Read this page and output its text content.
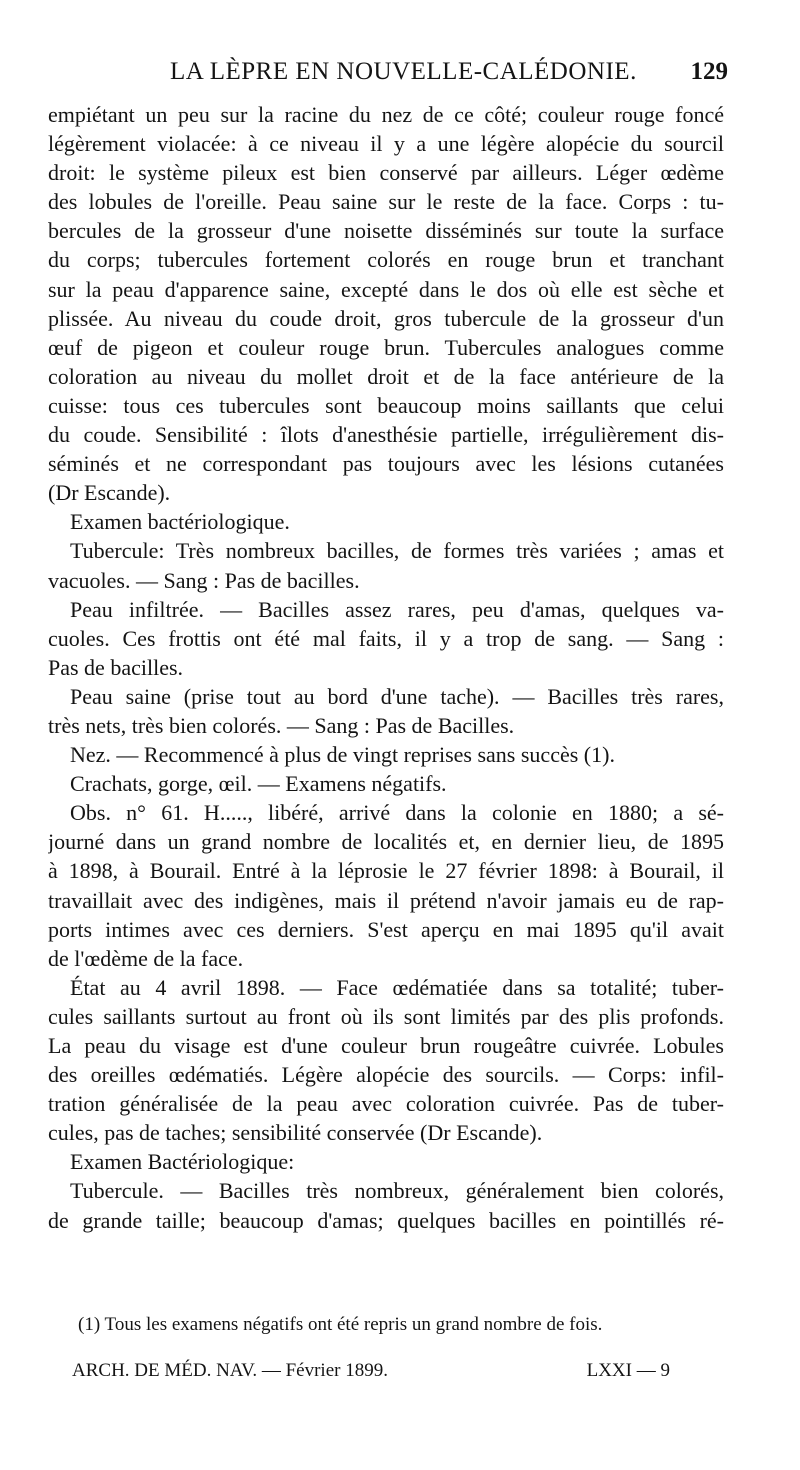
LA LÈPRE EN NOUVELLE-CALÉDONIE. 129
empiétant un peu sur la racine du nez de ce côté; couleur rouge foncé
légèrement violacée: à ce niveau il y a une légère alopécie du sourcil
droit: le système pileux est bien conservé par ailleurs. Léger œdème
des lobules de l'oreille. Peau saine sur le reste de la face. Corps : tu-
bercules de la grosseur d'une noisette disséminés sur toute la surface
du corps; tubercules fortement colorés en rouge brun et tranchant
sur la peau d'apparence saine, excepté dans le dos où elle est sèche et
plissée. Au niveau du coude droit, gros tubercule de la grosseur d'un
œuf de pigeon et couleur rouge brun. Tubercules analogues comme
coloration au niveau du mollet droit et de la face antérieure de la
cuisse: tous ces tubercules sont beaucoup moins saillants que celui
du coude. Sensibilité : îlots d'anesthésie partielle, irrégulièrement dis-
séminés et ne correspondant pas toujours avec les lésions cutanées
(Dr Escande).
Examen bactériologique.
Tubercule: Très nombreux bacilles, de formes très variées ; amas et
vacuoles. — Sang : Pas de bacilles.
Peau infiltrée. — Bacilles assez rares, peu d'amas, quelques va-
cuoles. Ces frottis ont été mal faits, il y a trop de sang. — Sang :
Pas de bacilles.
Peau saine (prise tout au bord d'une tache). — Bacilles très rares,
très nets, très bien colorés. — Sang : Pas de Bacilles.
Nez. — Recommencé à plus de vingt reprises sans succès (1).
Crachats, gorge, œil. — Examens négatifs.
Obs. n° 61. H....., libéré, arrivé dans la colonie en 1880; a sé-
journé dans un grand nombre de localités et, en dernier lieu, de 1895
à 1898, à Bourail. Entré à la léprosie le 27 février 1898: à Bourail, il
travaillait avec des indigènes, mais il prétend n'avoir jamais eu de rap-
ports intimes avec ces derniers. S'est aperçu en mai 1895 qu'il avait
de l'œdème de la face.
État au 4 avril 1898. — Face œdématiée dans sa totalité; tuber-
cules saillants surtout au front où ils sont limités par des plis profonds.
La peau du visage est d'une couleur brun rougeâtre cuivrée. Lobules
des oreilles œdématiés. Légère alopécie des sourcils. — Corps: infil-
tration généralisée de la peau avec coloration cuivrée. Pas de tuber-
cules, pas de taches; sensibilité conservée (Dr Escande).
Examen Bactériologique:
Tubercule. — Bacilles très nombreux, généralement bien colorés,
de grande taille; beaucoup d'amas; quelques bacilles en pointillés ré-
(1) Tous les examens négatifs ont été repris un grand nombre de fois.
ARCH. DE MÉD. NAV. — Février 1899.	LXXI — 9
